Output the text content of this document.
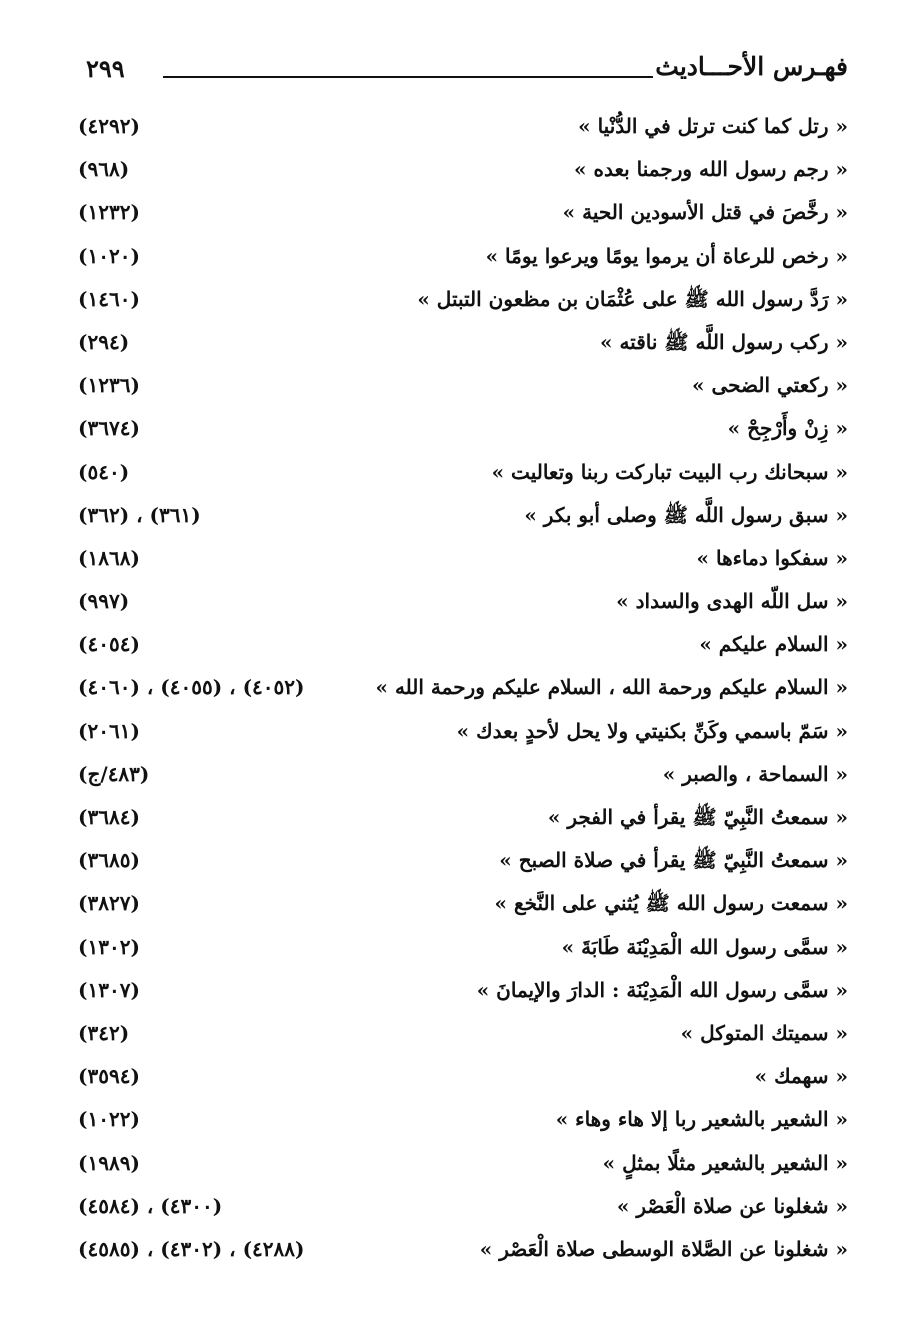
٢٩٩	فهـرس الأحـــاديث
« رتل كما كنت ترتل في الدُّنْيا »
(٤٢٩٢)
« رجم رسول الله ورجمنا بعده »
(٩٦٨)
« رخَّصَ في قتل الأسودين الحية »
(١٢٣٢)
« رخص للرعاة أن يرموا يومًا ويرعوا يومًا »
(١٠٢٠)
« رَدَّ رسول الله ﷺ على عُثْمَان بن مظعون التبتل »
(١٤٦٠)
« ركب رسول اللَّه ﷺ ناقته »
(٢٩٤)
« ركعتي الضحى »
(١٢٣٦)
« زِنْ وأَرْجِحْ »
(٣٦٧٤)
« سبحانك رب البيت تباركت ربنا وتعاليت »
(٥٤٠)
« سبق رسول اللَّه ﷺ وصلى أبو بكر »
(٣٦١) ، (٣٦٢)
« سفكوا دماءها »
(١٨٦٨)
« سل اللّه الهدى والسداد »
(٩٩٧)
« السلام عليكم »
(٤٠٥٤)
« السلام عليكم ورحمة الله ، السلام عليكم ورحمة الله »
(٤٠٥٢) ، (٤٠٥٥) ، (٤٠٦٠)
« سَمّ باسمي وكَنِّ بكنيتي ولا يحل لأحدٍ بعدك »
(٢٠٦١)
« السماحة ، والصبر »
(٤٨٣/ج)
« سمعتُ النَّبِيّ ﷺ يقرأ في الفجر »
(٣٦٨٤)
« سمعتُ النَّبِيّ ﷺ يقرأ في صلاة الصبح »
(٣٦٨٥)
« سمعت رسول الله ﷺ يُثني على النَّخع »
(٣٨٢٧)
« سمَّى رسول الله الْمَدِيْنَة طَابَةَ »
(١٣٠٢)
« سمَّى رسول الله الْمَدِيْنَة : الدارَ والإيمانَ »
(١٣٠٧)
« سميتك المتوكل »
(٣٤٢)
« سهمك »
(٣٥٩٤)
« الشعير بالشعير ربا إلا هاء وهاء »
(١٠٢٢)
« الشعير بالشعير مثلًا بمثلٍ »
(١٩٨٩)
« شغلونا عن صلاة الْعَصْر »
(٤٣٠٠) ، (٤٥٨٤)
« شغلونا عن الصَّلاة الوسطى صلاة الْعَصْر »
(٤٢٨٨) ، (٤٣٠٢) ، (٤٥٨٥)
